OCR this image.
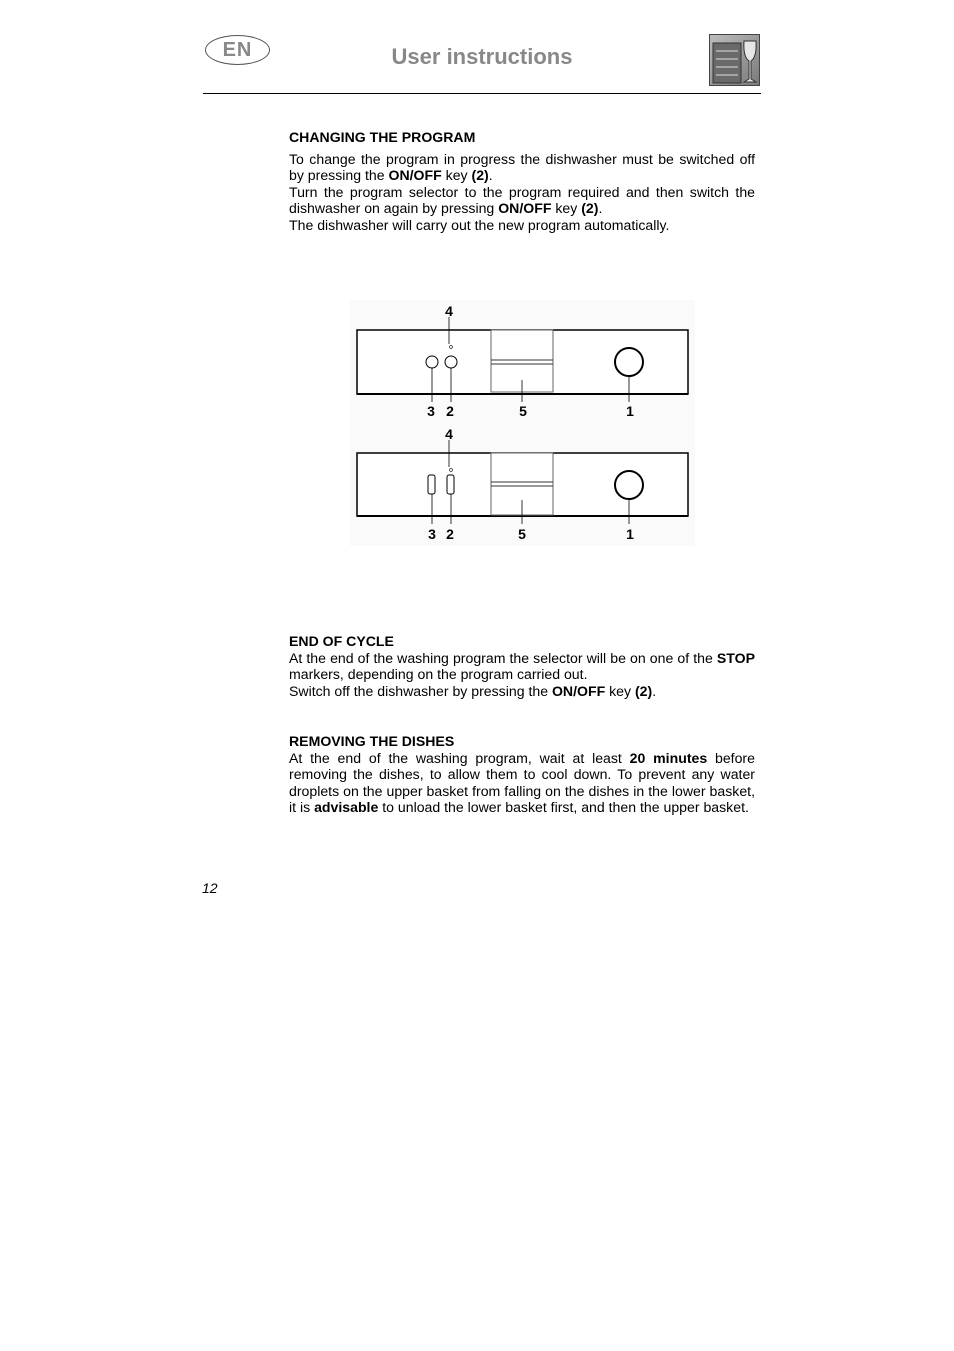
EN	User instructions
CHANGING THE PROGRAM

To change the program in progress the dishwasher must be switched off by pressing the ON/OFF key (2).

Turn the program selector to the program required and then switch the dishwasher on again by pressing ON/OFF key (2).

The dishwasher will carry out the new program automatically.

4
3 2	5	1
4
3 2	5	1
END OF CYCLE

At the end of the washing program the selector will be on one of the STOP markers, depending on the program carried out.

Switch off the dishwasher by pressing the ON/OFF key (2).

REMOVING THE DISHES

At the end of the washing program, wait at least 20 minutes before removing the dishes, to allow them to cool down. To prevent any water droplets on the upper basket from falling on the dishes in the lower basket, it is advisable to unload the lower basket first, and then the upper basket.

12
